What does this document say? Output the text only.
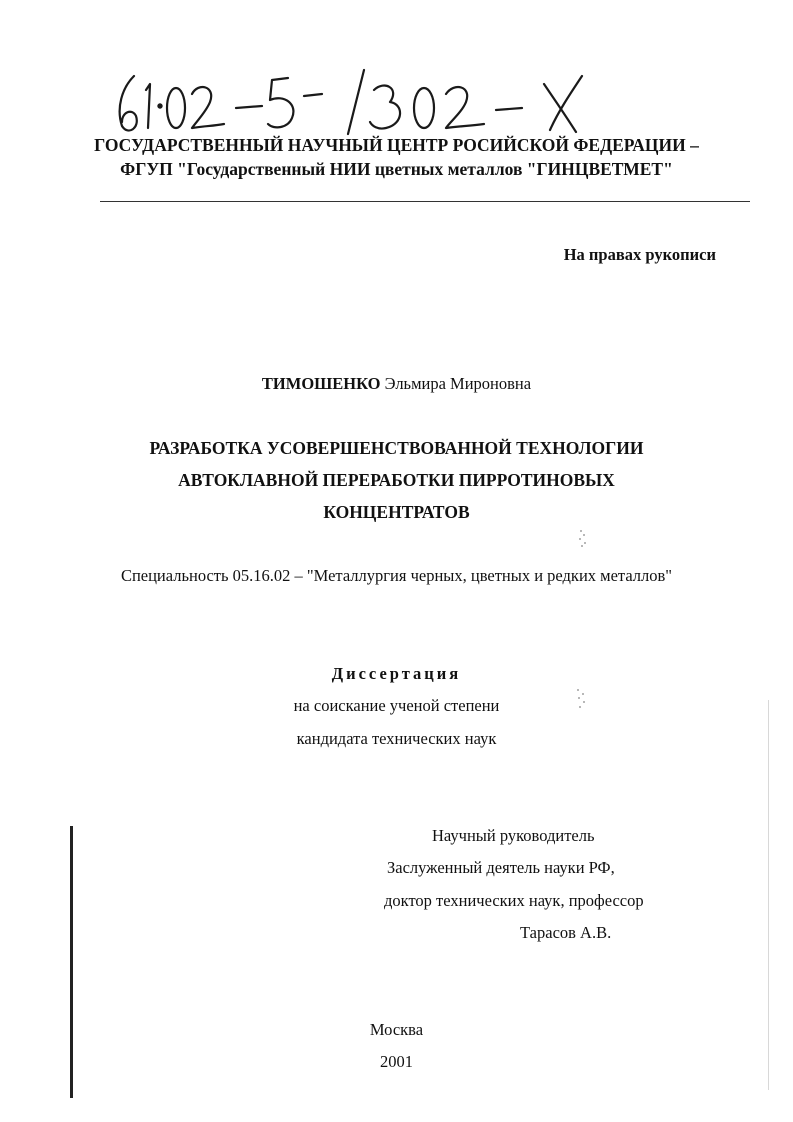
ГОСУДАРСТВЕННЫЙ НАУЧНЫЙ ЦЕНТР РОСИЙСКОЙ ФЕДЕРАЦИИ –
ФГУП "Государственный НИИ цветных металлов "ГИНЦВЕТМЕТ"
На правах рукописи
ТИМОШЕНКО Эльмира Мироновна
РАЗРАБОТКА УСОВЕРШЕНСТВОВАННОЙ ТЕХНОЛОГИИ
АВТОКЛАВНОЙ ПЕРЕРАБОТКИ ПИРРОТИНОВЫХ
КОНЦЕНТРАТОВ
Специальность 05.16.02 – "Металлургия черных, цветных и редких металлов"
Диссертация
на соискание ученой степени
кандидата технических наук
Научный руководитель
Заслуженный деятель науки РФ,
доктор технических наук, профессор
Тарасов А.В.
Москва
2001
